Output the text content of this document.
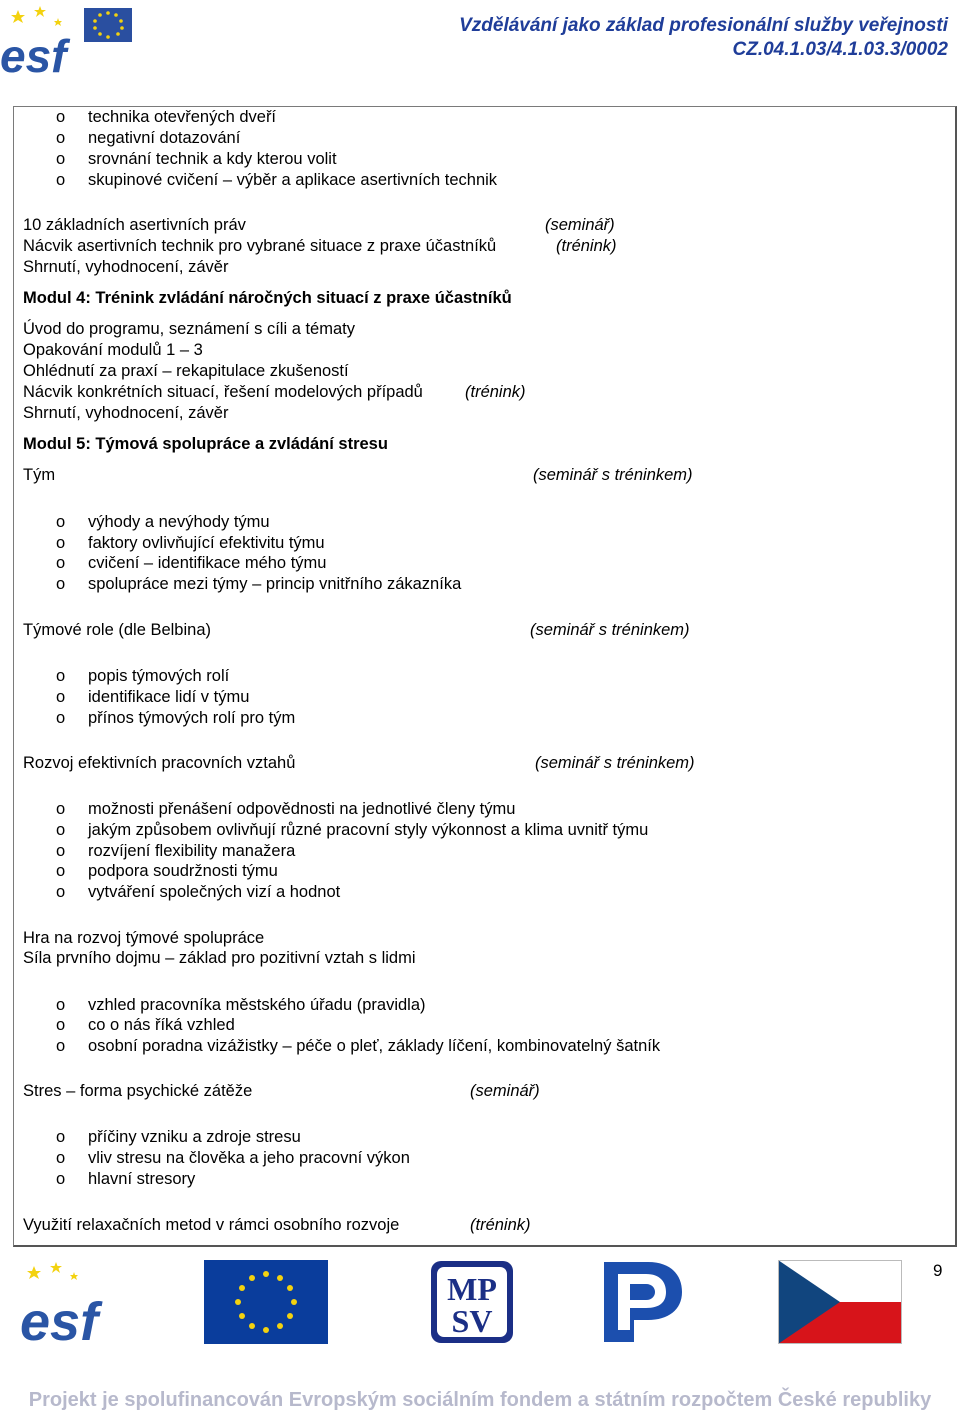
esf
Vzdělávání jako základ profesionální služby veřejnosti
CZ.04.1.03/4.1.03.3/0002
o technika otevřených dveří
o negativní dotazování
o srovnání technik a kdy kterou volit
o skupinové cvičení – výběr a aplikace asertivních technik
10 základních asertivních práv	(seminář)
Nácvik asertivních technik pro vybrané situace z praxe účastníků	(trénink)
Shrnutí, vyhodnocení, závěr
Modul 4: Trénink zvládání náročných situací z praxe účastníků
Úvod do programu, seznámení s cíli a tématy
Opakování modulů 1 – 3
Ohlédnutí za praxí – rekapitulace zkušeností
Nácvik konkrétních situací, řešení modelových případů	(trénink)
Shrnutí, vyhodnocení, závěr
Modul 5: Týmová spolupráce a zvládání stresu
Tým	(seminář s tréninkem)
o výhody a nevýhody týmu
o faktory ovlivňující efektivitu týmu
o cvičení – identifikace mého týmu
o spolupráce mezi týmy – princip vnitřního zákazníka
Týmové role (dle Belbina)	(seminář s tréninkem)
o popis týmových rolí
o identifikace lidí v týmu
o přínos týmových rolí pro tým
Rozvoj efektivních pracovních vztahů	(seminář s tréninkem)
o možnosti přenášení odpovědnosti na jednotlivé členy týmu
o jakým způsobem ovlivňují různé pracovní styly výkonnost a klima uvnitř týmu
o rozvíjení flexibility manažera
o podpora soudržnosti týmu
o vytváření společných vizí a hodnot
Hra na rozvoj týmové spolupráce
Síla prvního dojmu – základ pro pozitivní vztah s lidmi
o vzhled pracovníka městského úřadu (pravidla)
o co o nás říká vzhled
o osobní poradna vizážistky – péče o pleť, základy líčení, kombinovatelný šatník
Stres – forma psychické zátěže	(seminář)
o příčiny vzniku a zdroje stresu
o vliv stresu na člověka a jeho pracovní výkon
o hlavní stresory
Využití relaxačních metod v rámci osobního rozvoje	(trénink)
9
esf
MP
SV
Projekt je spolufinancován Evropským sociálním fondem a státním rozpočtem České republiky
